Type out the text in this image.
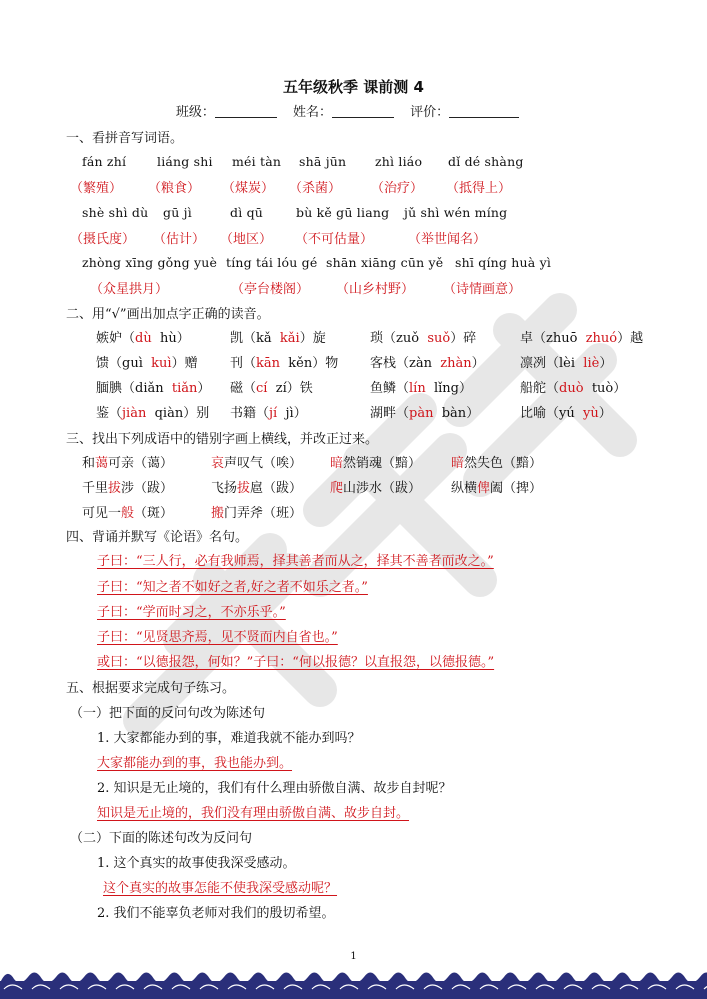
五年级秋季 课前测 4
班级：	姓名：	评价：
一、看拼音写词语。
fán zhí
（繁殖）
liáng shi
（粮食）
méi tàn
（煤炭）
shā jūn
（杀菌）
zhì liáo
（治疗）
dǐ dé shàng
（抵得上）
shè shì dù
（摄氏度）
gū jì
（估计）
dì qū
（地区）
bù kě gū liang
（不可估量）
jǔ shì wén míng
（举世闻名）
zhòng xīng gǒng yuè
（众星拱月）
tíng tái lóu gé
（亭台楼阁）
shān xiāng cūn yě
（山乡村野）
shī qíng huà yì
（诗情画意）
二、用“√”画出加点字正确的读音。
嫉妒（dù hù）	凯（kǎ kǎi）旋	琐（zuǒ suǒ）碎	卓（zhuō zhuó）越
馈（guì kuì）赠 刊（kān kěn）物 客栈（zàn zhàn）	凛冽（lèi liè）
腼腆（diǎn tiǎn） 磁（cí zí）铁	鱼鳞（lín lǐng）	船舵（duò tuò）
鉴（jiàn qiàn）别 书籍（jí jì）	湖畔（pàn bàn）	比喻（yú yù）
三、找出下列成语中的错别字画上横线，并改正过来。
和蔼可亲（蔼）	哀声叹气（唉） 暗然销魂（黯） 暗然失色（黯）
千里拔涉（跋）	飞扬拔扈（跋） 爬山涉水（跋） 纵横俾阖（捭）
可见一般（斑）	搬门弄斧（班）
四、背诵并默写《论语》名句。
子曰：“三人行，必有我师焉，择其善者而从之，择其不善者而改之。”
子曰：“知之者不如好之者,好之者不如乐之者。”
子曰：“学而时习之，不亦乐乎。”
子曰：“见贤思齐焉，见不贤而内自省也。”
或曰：“以德报怨，何如？”子曰：“何以报德？以直报怨，以德报德。”
五、根据要求完成句子练习。
（一）把下面的反问句改为陈述句
1. 大家都能办到的事，难道我就不能办到吗？
大家都能办到的事，我也能办到。
2. 知识是无止境的，我们有什么理由骄傲自满、故步自封呢？
知识是无止境的，我们没有理由骄傲自满、故步自封。
（二）下面的陈述句改为反问句
1. 这个真实的故事使我深受感动。
这个真实的故事怎能不使我深受感动呢？
2. 我们不能辜负老师对我们的殷切希望。
1
